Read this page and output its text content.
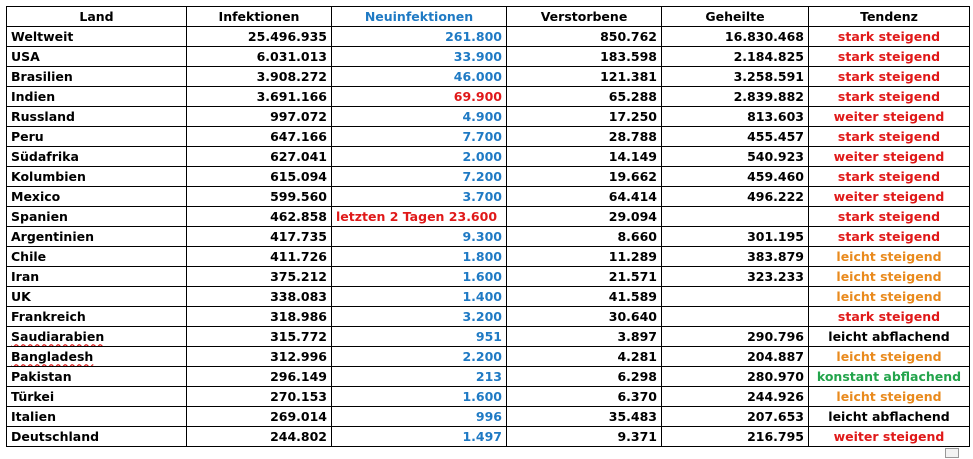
Land	Infektionen	Neuinfektionen	Verstorbene	Geheilte	Tendenz
Weltweit	25.496.935	261.800	850.762	16.830.468	stark steigend
USA	6.031.013	33.900	183.598	2.184.825	stark steigend
Brasilien	3.908.272	46.000	121.381	3.258.591	stark steigend
Indien	3.691.166	69.900	65.288	2.839.882	stark steigend
Russland	997.072	4.900	17.250	813.603	weiter steigend
Peru	647.166	7.700	28.788	455.457	stark steigend
Südafrika	627.041	2.000	14.149	540.923	weiter steigend
Kolumbien	615.094	7.200	19.662	459.460	stark steigend
Mexico	599.560	3.700	64.414	496.222	weiter steigend
Spanien	462.858	letzten 2 Tagen 23.600	29.094		stark steigend
Argentinien	417.735	9.300	8.660	301.195	stark steigend
Chile	411.726	1.800	11.289	383.879	leicht steigend
Iran	375.212	1.600	21.571	323.233	leicht steigend
UK	338.083	1.400	41.589		leicht steigend
Frankreich	318.986	3.200	30.640		stark steigend
Saudiarabien	315.772	951	3.897	290.796	leicht abflachend
Bangladesh	312.996	2.200	4.281	204.887	leicht steigend
Pakistan	296.149	213	6.298	280.970	konstant abflachend
Türkei	270.153	1.600	6.370	244.926	leicht steigend
Italien	269.014	996	35.483	207.653	leicht abflachend
Deutschland	244.802	1.497	9.371	216.795	weiter steigend
